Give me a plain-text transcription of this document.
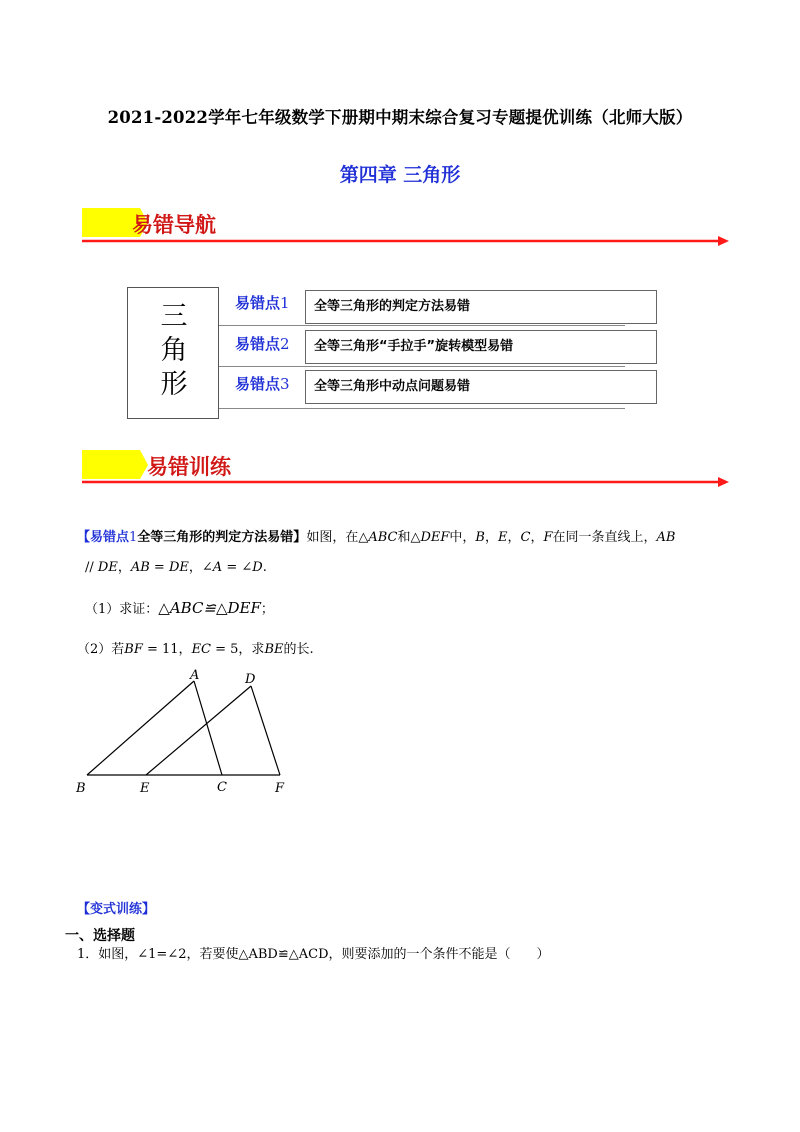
2021-2022学年七年级数学下册期中期末综合复习专题提优训练（北师大版）
第四章 三角形
易错导航
三
角
形
易错点1
易错点2
易错点3
全等三角形的判定方法易错
全等三角形“手拉手”旋转模型易错
全等三角形中动点问题易错
易错训练
【易错点1全等三角形的判定方法易错】如图，在△ABC和△DEF中，B，E，C，F在同一条直线上，AB
// DE，AB = DE，∠A = ∠D.
（1）求证：△ABC≌△DEF；
（2）若BF = 11，EC = 5，求BE的长.
A	D
B	E	C	F
【变式训练】
一、选择题
1．如图，∠1=∠2，若要使△ABD≌△ACD，则要添加的一个条件不能是（　　）
